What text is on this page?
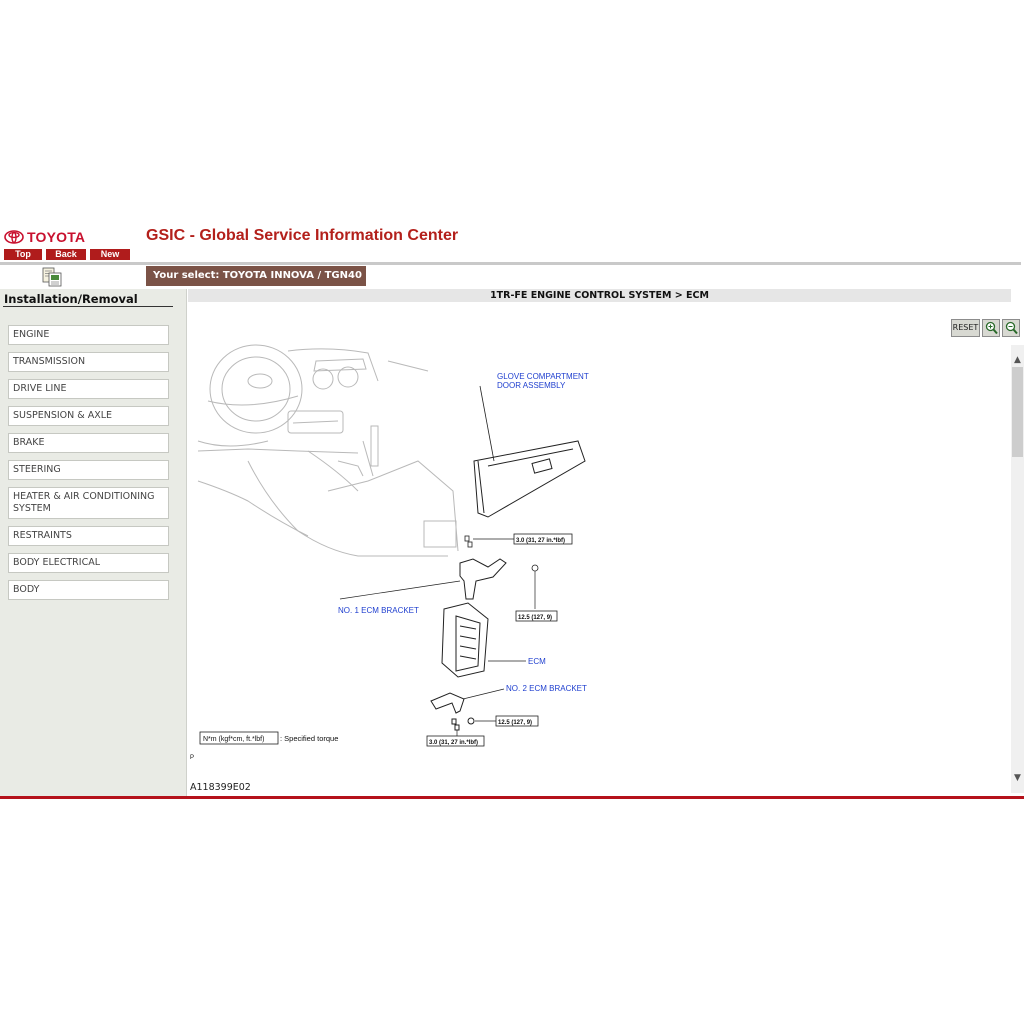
TOYOTA	GSIC - Global Service Information Center
Top	Back	New
Your select: TOYOTA INNOVA / TGN40
Installation/Removal
ENGINE
TRANSMISSION
DRIVE LINE
SUSPENSION & AXLE
BRAKE
STEERING
HEATER & AIR CONDITIONING SYSTEM
RESTRAINTS
BODY ELECTRICAL
BODY
1TR-FE ENGINE CONTROL SYSTEM > ECM
RESET
GLOVE COMPARTMENT
DOOR ASSEMBLY
3.0 (31, 27 in.*lbf)
12.5 (127, 9)
NO. 1 ECM BRACKET
ECM
NO. 2 ECM BRACKET
12.5 (127, 9)
3.0 (31, 27 in.*lbf)
N*m (kgf*cm, ft.*lbf) : Specified torque
P
A118399E02
▲
▼
